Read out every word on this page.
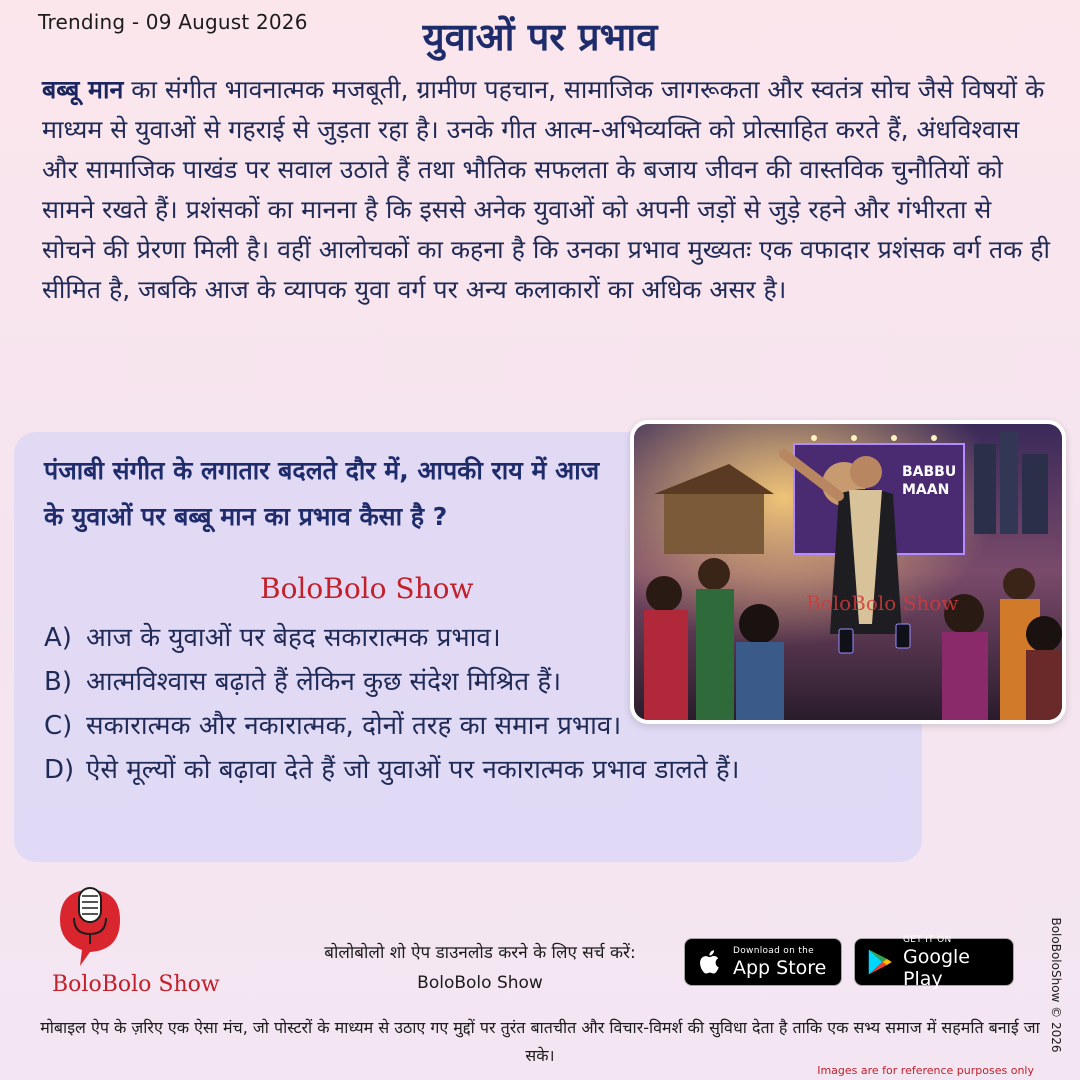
Trending - 09 August 2026	युवाओं पर प्रभाव
बब्बू मान का संगीत भावनात्मक मजबूती, ग्रामीण पहचान, सामाजिक जागरूकता और स्वतंत्र सोच जैसे विषयों के माध्यम से युवाओं से गहराई से जुड़ता रहा है। उनके गीत आत्म-अभिव्यक्ति को प्रोत्साहित करते हैं, अंधविश्वास और सामाजिक पाखंड पर सवाल उठाते हैं तथा भौतिक सफलता के बजाय जीवन की वास्तविक चुनौतियों को सामने रखते हैं। प्रशंसकों का मानना है कि इससे अनेक युवाओं को अपनी जड़ों से जुड़े रहने और गंभीरता से सोचने की प्रेरणा मिली है। वहीं आलोचकों का कहना है कि उनका प्रभाव मुख्यतः एक वफादार प्रशंसक वर्ग तक ही सीमित है, जबकि आज के व्यापक युवा वर्ग पर अन्य कलाकारों का अधिक असर है।
पंजाबी संगीत के लगातार बदलते दौर में, आपकी राय में आज के युवाओं पर बब्बू मान का प्रभाव कैसा है ?
BoloBolo Show
A) आज के युवाओं पर बेहद सकारात्मक प्रभाव।
B) आत्मविश्वास बढ़ाते हैं लेकिन कुछ संदेश मिश्रित हैं।
C) सकारात्मक और नकारात्मक, दोनों तरह का समान प्रभाव।
D) ऐसे मूल्यों को बढ़ावा देते हैं जो युवाओं पर नकारात्मक प्रभाव डालते हैं।
BABBU
MAAN
BoloBolo Show
BoloBolo Show
बोलोबोलो शो ऐप डाउनलोड करने के लिए सर्च करें:
BoloBolo Show
Download on the
App Store
GET IT ON
Google Play	BoloBoloShow © 2026
मोबाइल ऐप के ज़रिए एक ऐसा मंच, जो पोस्टरों के माध्यम से उठाए गए मुद्दों पर तुरंत बातचीत और विचार-विमर्श की सुविधा देता है ताकि एक सभ्य समाज में सहमति बनाई जा सके।
Images are for reference purposes only
